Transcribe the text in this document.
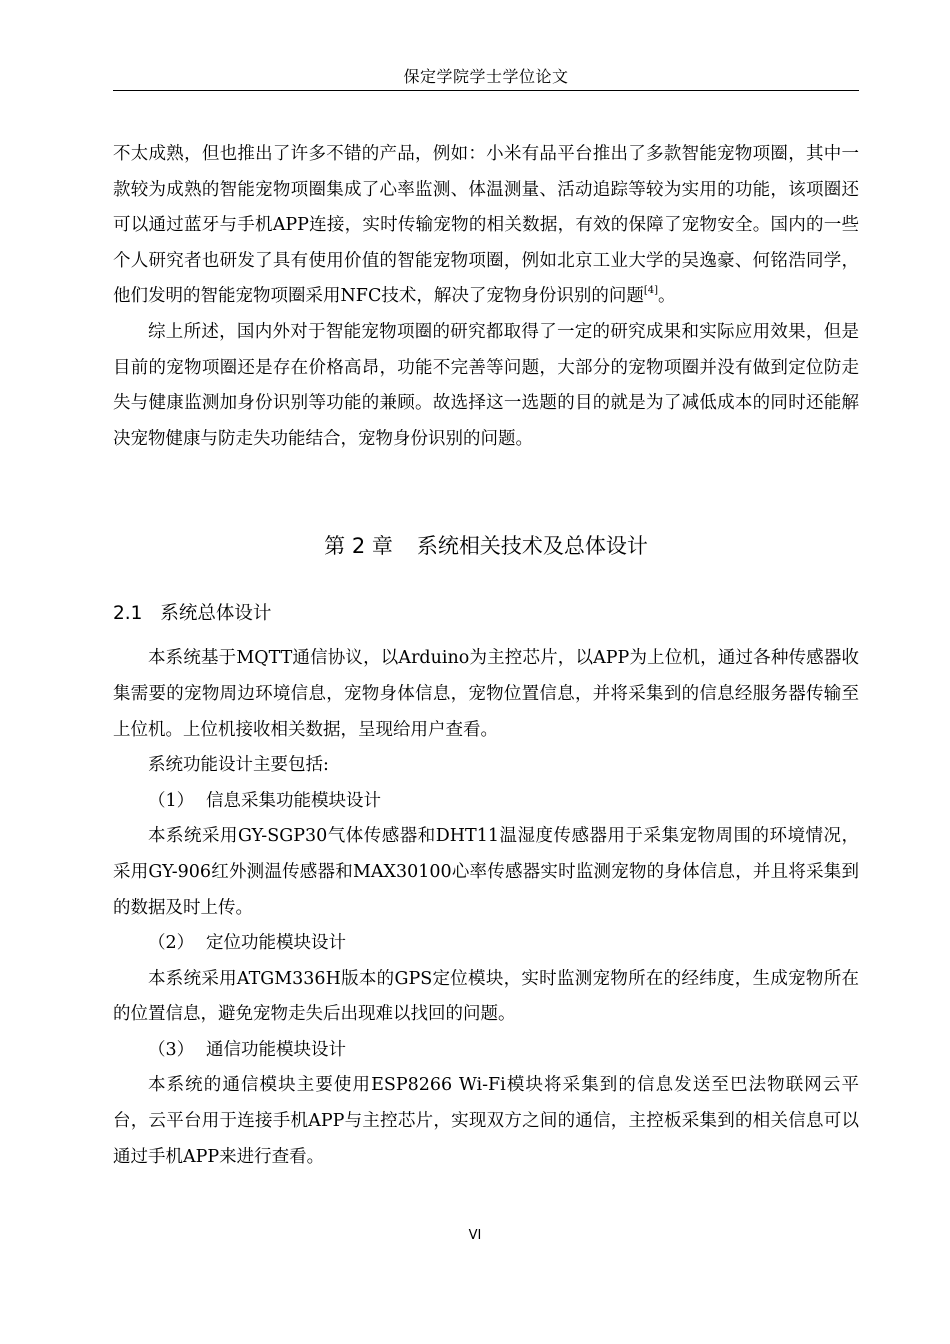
保定学院学士学位论文

不太成熟，但也推出了许多不错的产品，例如：小米有品平台推出了多款智能宠物项圈，其中一款较为成熟的智能宠物项圈集成了心率监测、体温测量、活动追踪等较为实用的功能，该项圈还可以通过蓝牙与手机APP连接，实时传输宠物的相关数据，有效的保障了宠物安全。国内的一些个人研究者也研发了具有使用价值的智能宠物项圈，例如北京工业大学的吴逸豪、何铭浩同学，他们发明的智能宠物项圈采用NFC技术，解决了宠物身份识别的问题[4]。

综上所述，国内外对于智能宠物项圈的研究都取得了一定的研究成果和实际应用效果，但是目前的宠物项圈还是存在价格高昂，功能不完善等问题，大部分的宠物项圈并没有做到定位防走失与健康监测加身份识别等功能的兼顾。故选择这一选题的目的就是为了减低成本的同时还能解决宠物健康与防走失功能结合，宠物身份识别的问题。

第 2 章 系统相关技术及总体设计
2.1 系统总体设计

本系统基于MQTT通信协议，以Arduino为主控芯片，以APP为上位机，通过各种传感器收集需要的宠物周边环境信息，宠物身体信息，宠物位置信息，并将采集到的信息经服务器传输至上位机。上位机接收相关数据，呈现给用户查看。

系统功能设计主要包括:

（1） 信息采集功能模块设计

本系统采用GY-SGP30气体传感器和DHT11温湿度传感器用于采集宠物周围的环境情况，采用GY-906红外测温传感器和MAX30100心率传感器实时监测宠物的身体信息，并且将采集到的数据及时上传。

（2） 定位功能模块设计

本系统采用ATGM336H版本的GPS定位模块，实时监测宠物所在的经纬度，生成宠物所在的位置信息，避免宠物走失后出现难以找回的问题。

（3） 通信功能模块设计

本系统的通信模块主要使用ESP8266 Wi-Fi模块将采集到的信息发送至巴法物联网云平台，云平台用于连接手机APP与主控芯片，实现双方之间的通信，主控板采集到的相关信息可以通过手机APP来进行查看。

VI
